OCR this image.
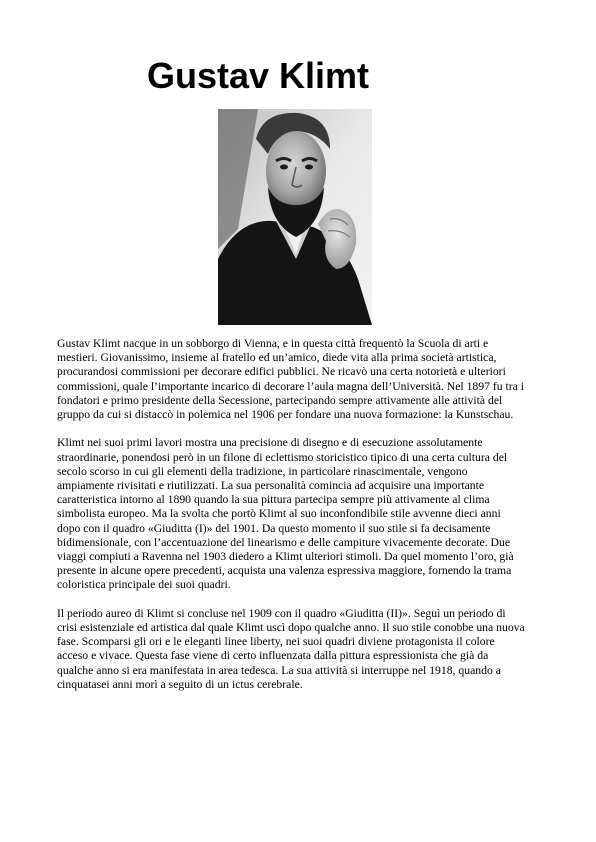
Gustav Klimt

Gustav Klimt nacque in un sobborgo di Vienna, e in questa città frequentò la Scuola di arti e
mestieri. Giovanissimo, insieme al fratello ed un’amico, diede vita alla prima società artistica,
procurandosi commissioni per decorare edifici pubblici. Ne ricavò una certa notorietà e ulteriori
commissioni, quale l’importante incarico di decorare l’aula magna dell’Università. Nel 1897 fu tra i
fondatori e primo presidente della Secessione, partecipando sempre attivamente alle attività del
gruppo da cui si distaccò in polemica nel 1906 per fondare una nuova formazione: la Kunstschau.

Klimt nei suoi primi lavori mostra una precisione di disegno e di esecuzione assolutamente
straordinarie, ponendosi però in un filone di eclettismo storicistico tipico di una certa cultura del
secolo scorso in cui gli elementi della tradizione, in particolare rinascimentale, vengono
ampiamente rivisitati e riutilizzati. La sua personalità comincia ad acquisire una importante
caratteristica intorno al 1890 quando la sua pittura partecipa sempre più attivamente al clima
simbolista europeo. Ma la svolta che portò Klimt al suo inconfondibile stile avvenne dieci anni
dopo con il quadro «Giuditta (I)» del 1901. Da questo momento il suo stile si fa decisamente
bidimensionale, con l’accentuazione del linearismo e delle campiture vivacemente decorate. Due
viaggi compiuti a Ravenna nel 1903 diedero a Klimt ulteriori stimoli. Da quel momento l’oro, già
presente in alcune opere precedenti, acquista una valenza espressiva maggiore, fornendo la trama
coloristica principale dei suoi quadri.

Il periodo aureo di Klimt si concluse nel 1909 con il quadro «Giuditta (II)». Seguì un periodo di
crisi esistenziale ed artistica dal quale Klimt uscì dopo qualche anno. Il suo stile conobbe una nuova
fase. Scomparsi gli ori e le eleganti linee liberty, nei suoi quadri diviene protagonista il colore
acceso e vivace. Questa fase viene di certo influenzata dalla pittura espressionista che già da
qualche anno si era manifestata in area tedesca. La sua attività si interruppe nel 1918, quando a
cinquatasei anni morì a seguito di un ictus cerebrale.
